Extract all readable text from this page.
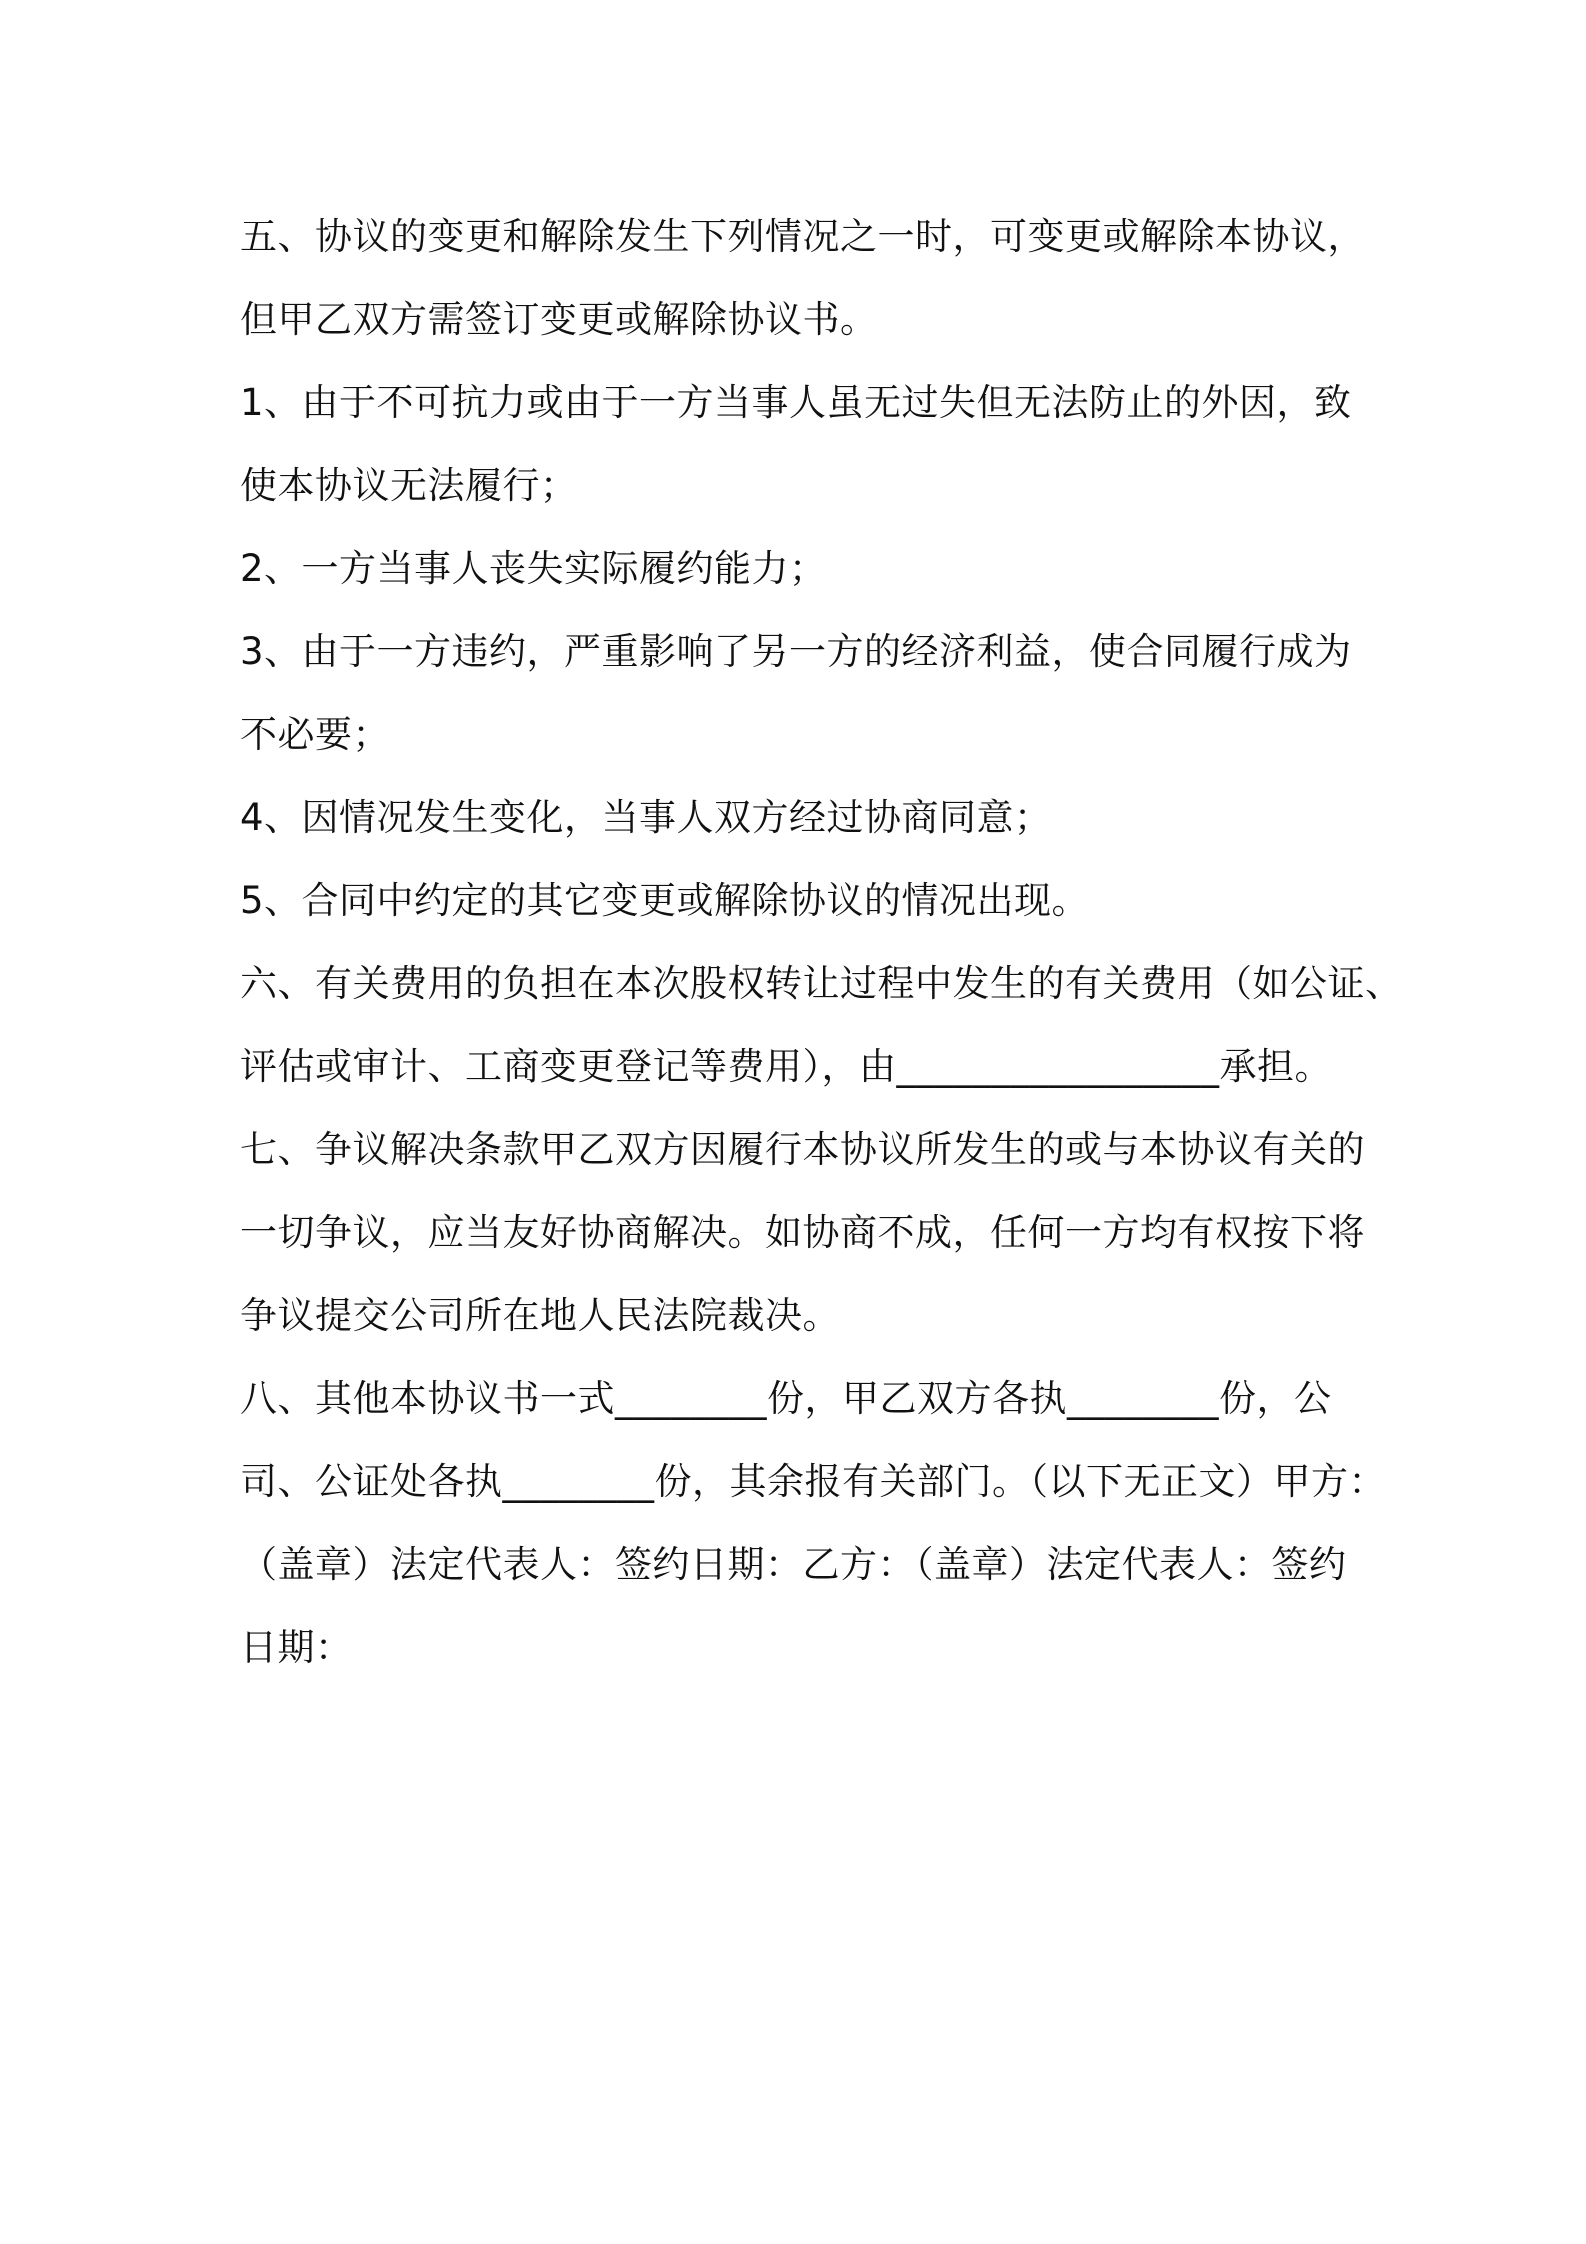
五、协议的变更和解除发生下列情况之一时，可变更或解除本协议，
但甲乙双方需签订变更或解除协议书。
1、由于不可抗力或由于一方当事人虽无过失但无法防止的外因，致
使本协议无法履行；
2、一方当事人丧失实际履约能力；
3、由于一方违约，严重影响了另一方的经济利益，使合同履行成为
不必要；
4、因情况发生变化，当事人双方经过协商同意；
5、合同中约定的其它变更或解除协议的情况出现。
六、有关费用的负担在本次股权转让过程中发生的有关费用（如公证、
评估或审计、工商变更登记等费用），由_________________承担。
七、争议解决条款甲乙双方因履行本协议所发生的或与本协议有关的
一切争议，应当友好协商解决。如协商不成，任何一方均有权按下将
争议提交公司所在地人民法院裁决。
八、其他本协议书一式________份，甲乙双方各执________份，公
司、公证处各执________份，其余报有关部门。（以下无正文）甲方：
（盖章）法定代表人：签约日期：乙方：（盖章）法定代表人：签约
日期：
